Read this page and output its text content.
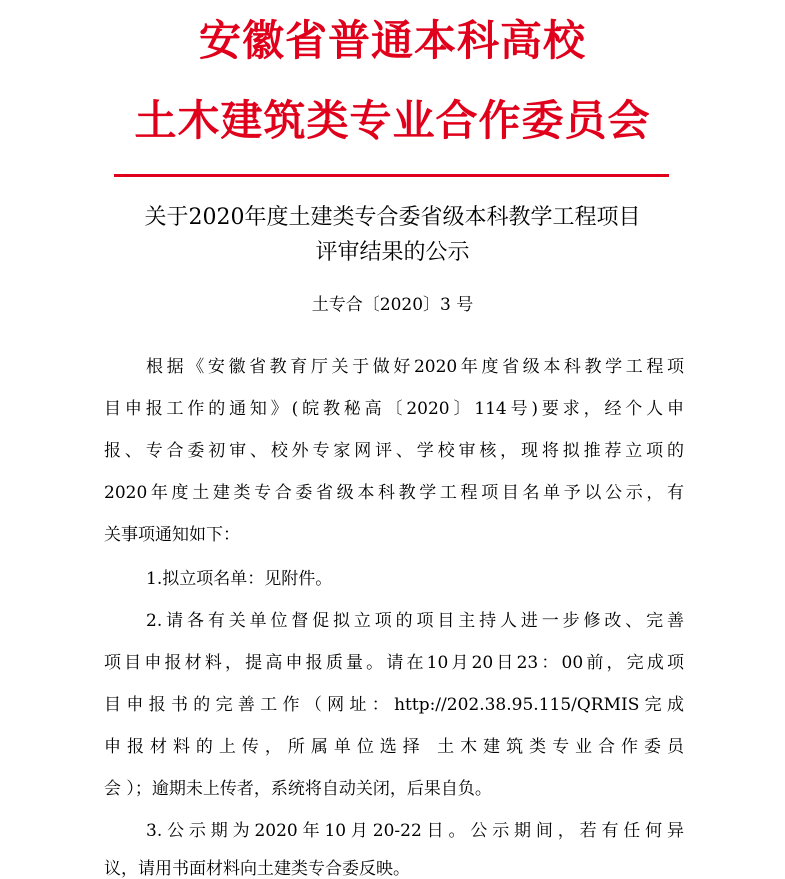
安徽省普通本科高校
土木建筑类专业合作委员会
关于2020年度土建类专合委省级本科教学工程项目
评审结果的公示
土专合〔2020〕3 号
根据《安徽省教育厅关于做好2020年度省级本科教学工程项
目申报工作的通知》(皖教秘高〔2020〕114号)要求，经个人申
报、专合委初审、校外专家网评、学校审核，现将拟推荐立项的
2020年度土建类专合委省级本科教学工程项目名单予以公示，有
关事项通知如下：
1.拟立项名单：见附件。
2.请各有关单位督促拟立项的项目主持人进一步修改、完善
项目申报材料，提高申报质量。请在10月20日23：00前，完成项
目申报书的完善工作（网址：http://202.38.95.115/QRMIS完成
申报材料的上传，所属单位选择 土木建筑类专业合作委员
会 ）；逾期未上传者，系统将自动关闭，后果自负。
3.公示期为2020年10月20-22日。公示期间，若有任何异
议，请用书面材料向土建类专合委反映。
